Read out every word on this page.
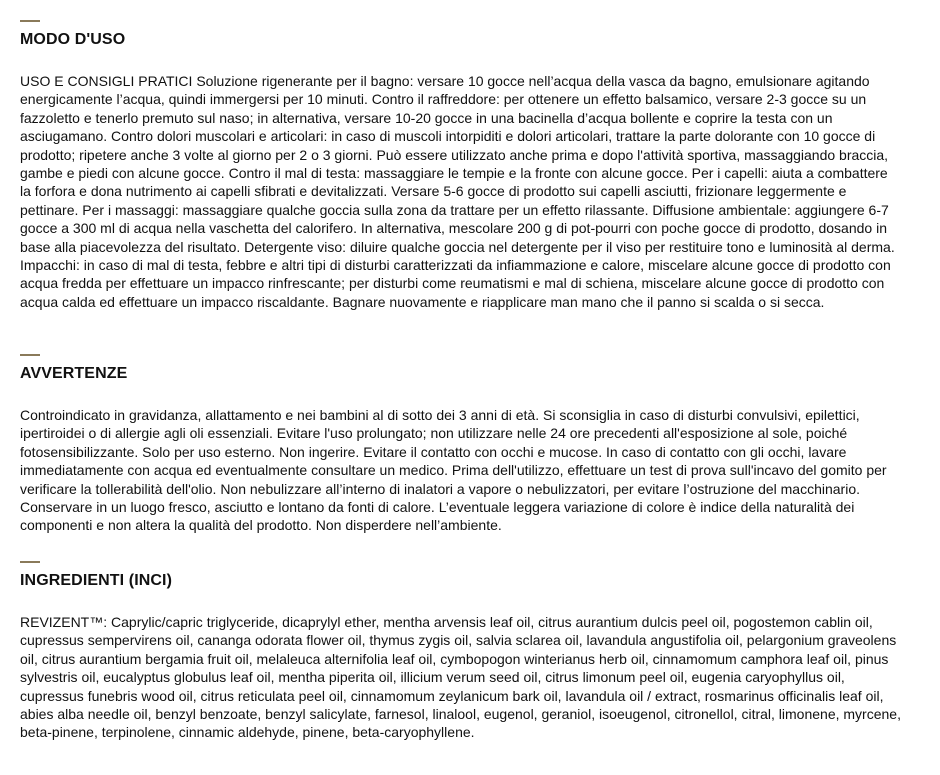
MODO D'USO

USO E CONSIGLI PRATICI Soluzione rigenerante per il bagno: versare 10 gocce nell’acqua della vasca da bagno, emulsionare agitando energicamente l’acqua, quindi immergersi per 10 minuti. Contro il raffreddore: per ottenere un effetto balsamico, versare 2-3 gocce su un fazzoletto e tenerlo premuto sul naso; in alternativa, versare 10-20 gocce in una bacinella d’acqua bollente e coprire la testa con un asciugamano. Contro dolori muscolari e articolari: in caso di muscoli intorpiditi e dolori articolari, trattare la parte dolorante con 10 gocce di prodotto; ripetere anche 3 volte al giorno per 2 o 3 giorni. Può essere utilizzato anche prima e dopo l'attività sportiva, massaggiando braccia, gambe e piedi con alcune gocce. Contro il mal di testa: massaggiare le tempie e la fronte con alcune gocce. Per i capelli: aiuta a combattere la forfora e dona nutrimento ai capelli sfibrati e devitalizzati. Versare 5-6 gocce di prodotto sui capelli asciutti, frizionare leggermente e pettinare. Per i massaggi: massaggiare qualche goccia sulla zona da trattare per un effetto rilassante. Diffusione ambientale: aggiungere 6-7 gocce a 300 ml di acqua nella vaschetta del calorifero. In alternativa, mescolare 200 g di pot-pourri con poche gocce di prodotto, dosando in base alla piacevolezza del risultato. Detergente viso: diluire qualche goccia nel detergente per il viso per restituire tono e luminosità al derma. Impacchi: in caso di mal di testa, febbre e altri tipi di disturbi caratterizzati da infiammazione e calore, miscelare alcune gocce di prodotto con acqua fredda per effettuare un impacco rinfrescante; per disturbi come reumatismi e mal di schiena, miscelare alcune gocce di prodotto con acqua calda ed effettuare un impacco riscaldante. Bagnare nuovamente e riapplicare man mano che il panno si scalda o si secca.

AVVERTENZE

Controindicato in gravidanza, allattamento e nei bambini al di sotto dei 3 anni di età. Si sconsiglia in caso di disturbi convulsivi, epilettici, ipertiroidei o di allergie agli oli essenziali. Evitare l'uso prolungato; non utilizzare nelle 24 ore precedenti all'esposizione al sole, poiché fotosensibilizzante. Solo per uso esterno. Non ingerire. Evitare il contatto con occhi e mucose. In caso di contatto con gli occhi, lavare immediatamente con acqua ed eventualmente consultare un medico. Prima dell'utilizzo, effettuare un test di prova sull'incavo del gomito per verificare la tollerabilità dell'olio. Non nebulizzare all’interno di inalatori a vapore o nebulizzatori, per evitare l’ostruzione del macchinario. Conservare in un luogo fresco, asciutto e lontano da fonti di calore. L’eventuale leggera variazione di colore è indice della naturalità dei componenti e non altera la qualità del prodotto. Non disperdere nell’ambiente.

INGREDIENTI (INCI)

REVIZENT™: Caprylic/capric triglyceride, dicaprylyl ether, mentha arvensis leaf oil, citrus aurantium dulcis peel oil, pogostemon cablin oil, cupressus sempervirens oil, cananga odorata flower oil, thymus zygis oil, salvia sclarea oil, lavandula angustifolia oil, pelargonium graveolens oil, citrus aurantium bergamia fruit oil, melaleuca alternifolia leaf oil, cymbopogon winterianus herb oil, cinnamomum camphora leaf oil, pinus sylvestris oil, eucalyptus globulus leaf oil, mentha piperita oil, illicium verum seed oil, citrus limonum peel oil, eugenia caryophyllus oil, cupressus funebris wood oil, citrus reticulata peel oil, cinnamomum zeylanicum bark oil, lavandula oil / extract, rosmarinus officinalis leaf oil, abies alba needle oil, benzyl benzoate, benzyl salicylate, farnesol, linalool, eugenol, geraniol, isoeugenol, citronellol, citral, limonene, myrcene, beta-pinene, terpinolene, cinnamic aldehyde, pinene, beta-caryophyllene.
